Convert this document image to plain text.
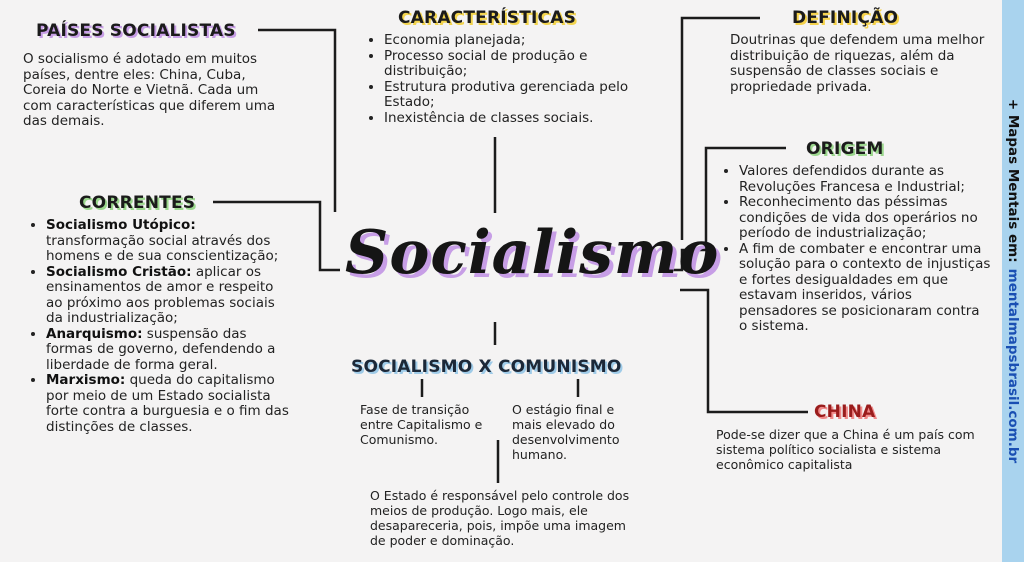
Socialismo
PAÍSES SOCIALISTAS
O socialismo é adotado em muitos países, dentre eles: China, Cuba, Coreia do Norte e Vietnã. Cada um com características que diferem uma das demais.
CARACTERÍSTICAS
• Economia planejada;
• Processo social de produção e distribuição;
• Estrutura produtiva gerenciada pelo Estado;
• Inexistência de classes sociais.
DEFINIÇÃO
Doutrinas que defendem uma melhor distribuição de riquezas, além da suspensão de classes sociais e propriedade privada.
CORRENTES
• Socialismo Utópico: transformação social através dos homens e de sua conscientização;
• Socialismo Cristão: aplicar os ensinamentos de amor e respeito ao próximo aos problemas sociais da industrialização;
• Anarquismo: suspensão das formas de governo, defendendo a liberdade de forma geral.
• Marxismo: queda do capitalismo por meio de um Estado socialista forte contra a burguesia e o fim das distinções de classes.
ORIGEM
• Valores defendidos durante as Revoluções Francesa e Industrial;
• Reconhecimento das péssimas condições de vida dos operários no período de industrialização;
• A fim de combater e encontrar uma solução para o contexto de injustiças e fortes desigualdades em que estavam inseridos, vários pensadores se posicionaram contra o sistema.
CHINA
Pode-se dizer que a China é um país com sistema político socialista e sistema econômico capitalista
SOCIALISMO X COMUNISMO
Fase de transição entre Capitalismo e Comunismo.
O estágio final e mais elevado do desenvolvimento humano.
O Estado é responsável pelo controle dos meios de produção. Logo mais, ele desapareceria, pois, impõe uma imagem de poder e dominação.
+ Mapas Mentais em:
mentalmapsbrasil.com.br
